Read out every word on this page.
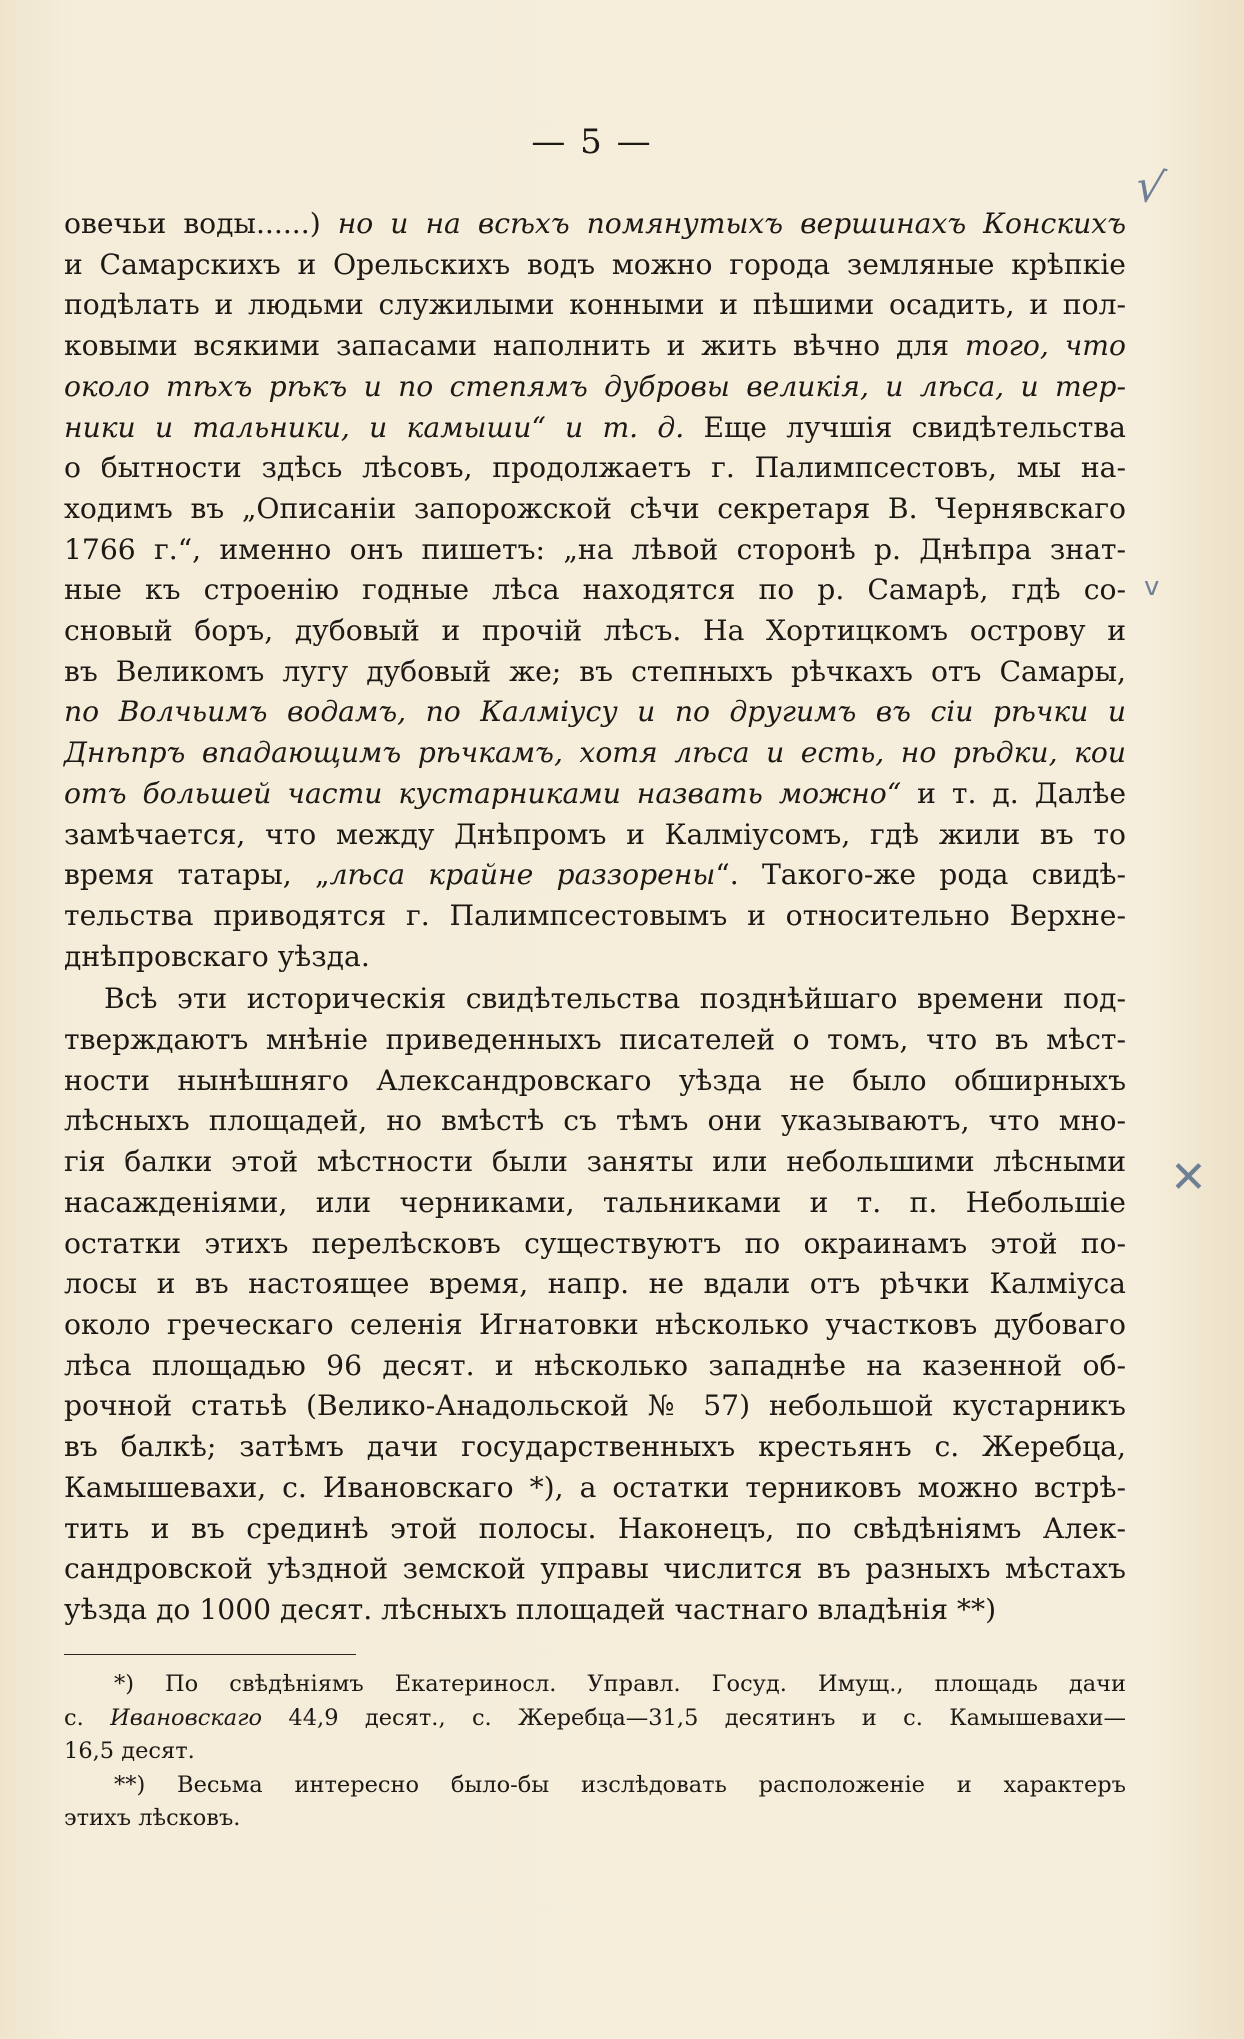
— 5 —
√
v
✕
овечьи воды......) но и на всѣхъ помянутыхъ вершинахъ Конскихъ
и Самарскихъ и Орельскихъ водъ можно города земляные крѣпкіе
подѣлать и людьми служилыми конными и пѣшими осадить, и пол-
ковыми всякими запасами наполнить и жить вѣчно для того, что
около тѣхъ рѣкъ и по степямъ дубровы великія, и лѣса, и тер-
ники и тальники, и камыши“ и т. д. Еще лучшія свидѣтельства
о бытности здѣсь лѣсовъ, продолжаетъ г. Палимпсестовъ, мы на-
ходимъ въ „Описаніи запорожской сѣчи секретаря В. Чернявскаго
1766 г.“, именно онъ пишетъ: „на лѣвой сторонѣ р. Днѣпра знат-
ные къ строенію годные лѣса находятся по р. Самарѣ, гдѣ со-
сновый боръ, дубовый и прочій лѣсъ. На Хортицкомъ острову и
въ Великомъ лугу дубовый же; въ степныхъ рѣчкахъ отъ Самары,
по Волчьимъ водамъ, по Калміусу и по другимъ въ сіи рѣчки и
Днѣпръ впадающимъ рѣчкамъ, хотя лѣса и есть, но рѣдки, кои
отъ большей части кустарниками назвать можно“ и т. д. Далѣе
замѣчается, что между Днѣпромъ и Калміусомъ, гдѣ жили въ то
время татары, „лѣса крайне раззорены“. Такого-же рода свидѣ-
тельства приводятся г. Палимпсестовымъ и относительно Верхне-
днѣпровскаго уѣзда.
Всѣ эти историческія свидѣтельства позднѣйшаго времени под-
тверждаютъ мнѣніе приведенныхъ писателей о томъ, что въ мѣст-
ности нынѣшняго Александровскаго уѣзда не было обширныхъ
лѣсныхъ площадей, но вмѣстѣ съ тѣмъ они указываютъ, что мно-
гія балки этой мѣстности были заняты или небольшими лѣсными
насажденіями, или черниками, тальниками и т. п. Небольшіе
остатки этихъ перелѣсковъ существуютъ по окраинамъ этой по-
лосы и въ настоящее время, напр. не вдали отъ рѣчки Калміуса
около греческаго селенія Игнатовки нѣсколько участковъ дубоваго
лѣса площадью 96 десят. и нѣсколько западнѣе на казенной об-
рочной статьѣ (Велико-Анадольской № 57) небольшой кустарникъ
въ балкѣ; затѣмъ дачи государственныхъ крестьянъ с. Жеребца,
Камышевахи, с. Ивановскаго *), а остатки терниковъ можно встрѣ-
тить и въ срединѣ этой полосы. Наконецъ, по свѣдѣніямъ Алек-
сандровской уѣздной земской управы числится въ разныхъ мѣстахъ
уѣзда до 1000 десят. лѣсныхъ площадей частнаго владѣнія **)
*) По свѣдѣніямъ Екатериносл. Управл. Госуд. Имущ., площадь дачи
с. Ивановскаго 44,9 десят., с. Жеребца—31,5 десятинъ и с. Камышевахи—
16,5 десят.
**) Весьма интересно было-бы изслѣдовать расположеніе и характеръ
этихъ лѣсковъ.
